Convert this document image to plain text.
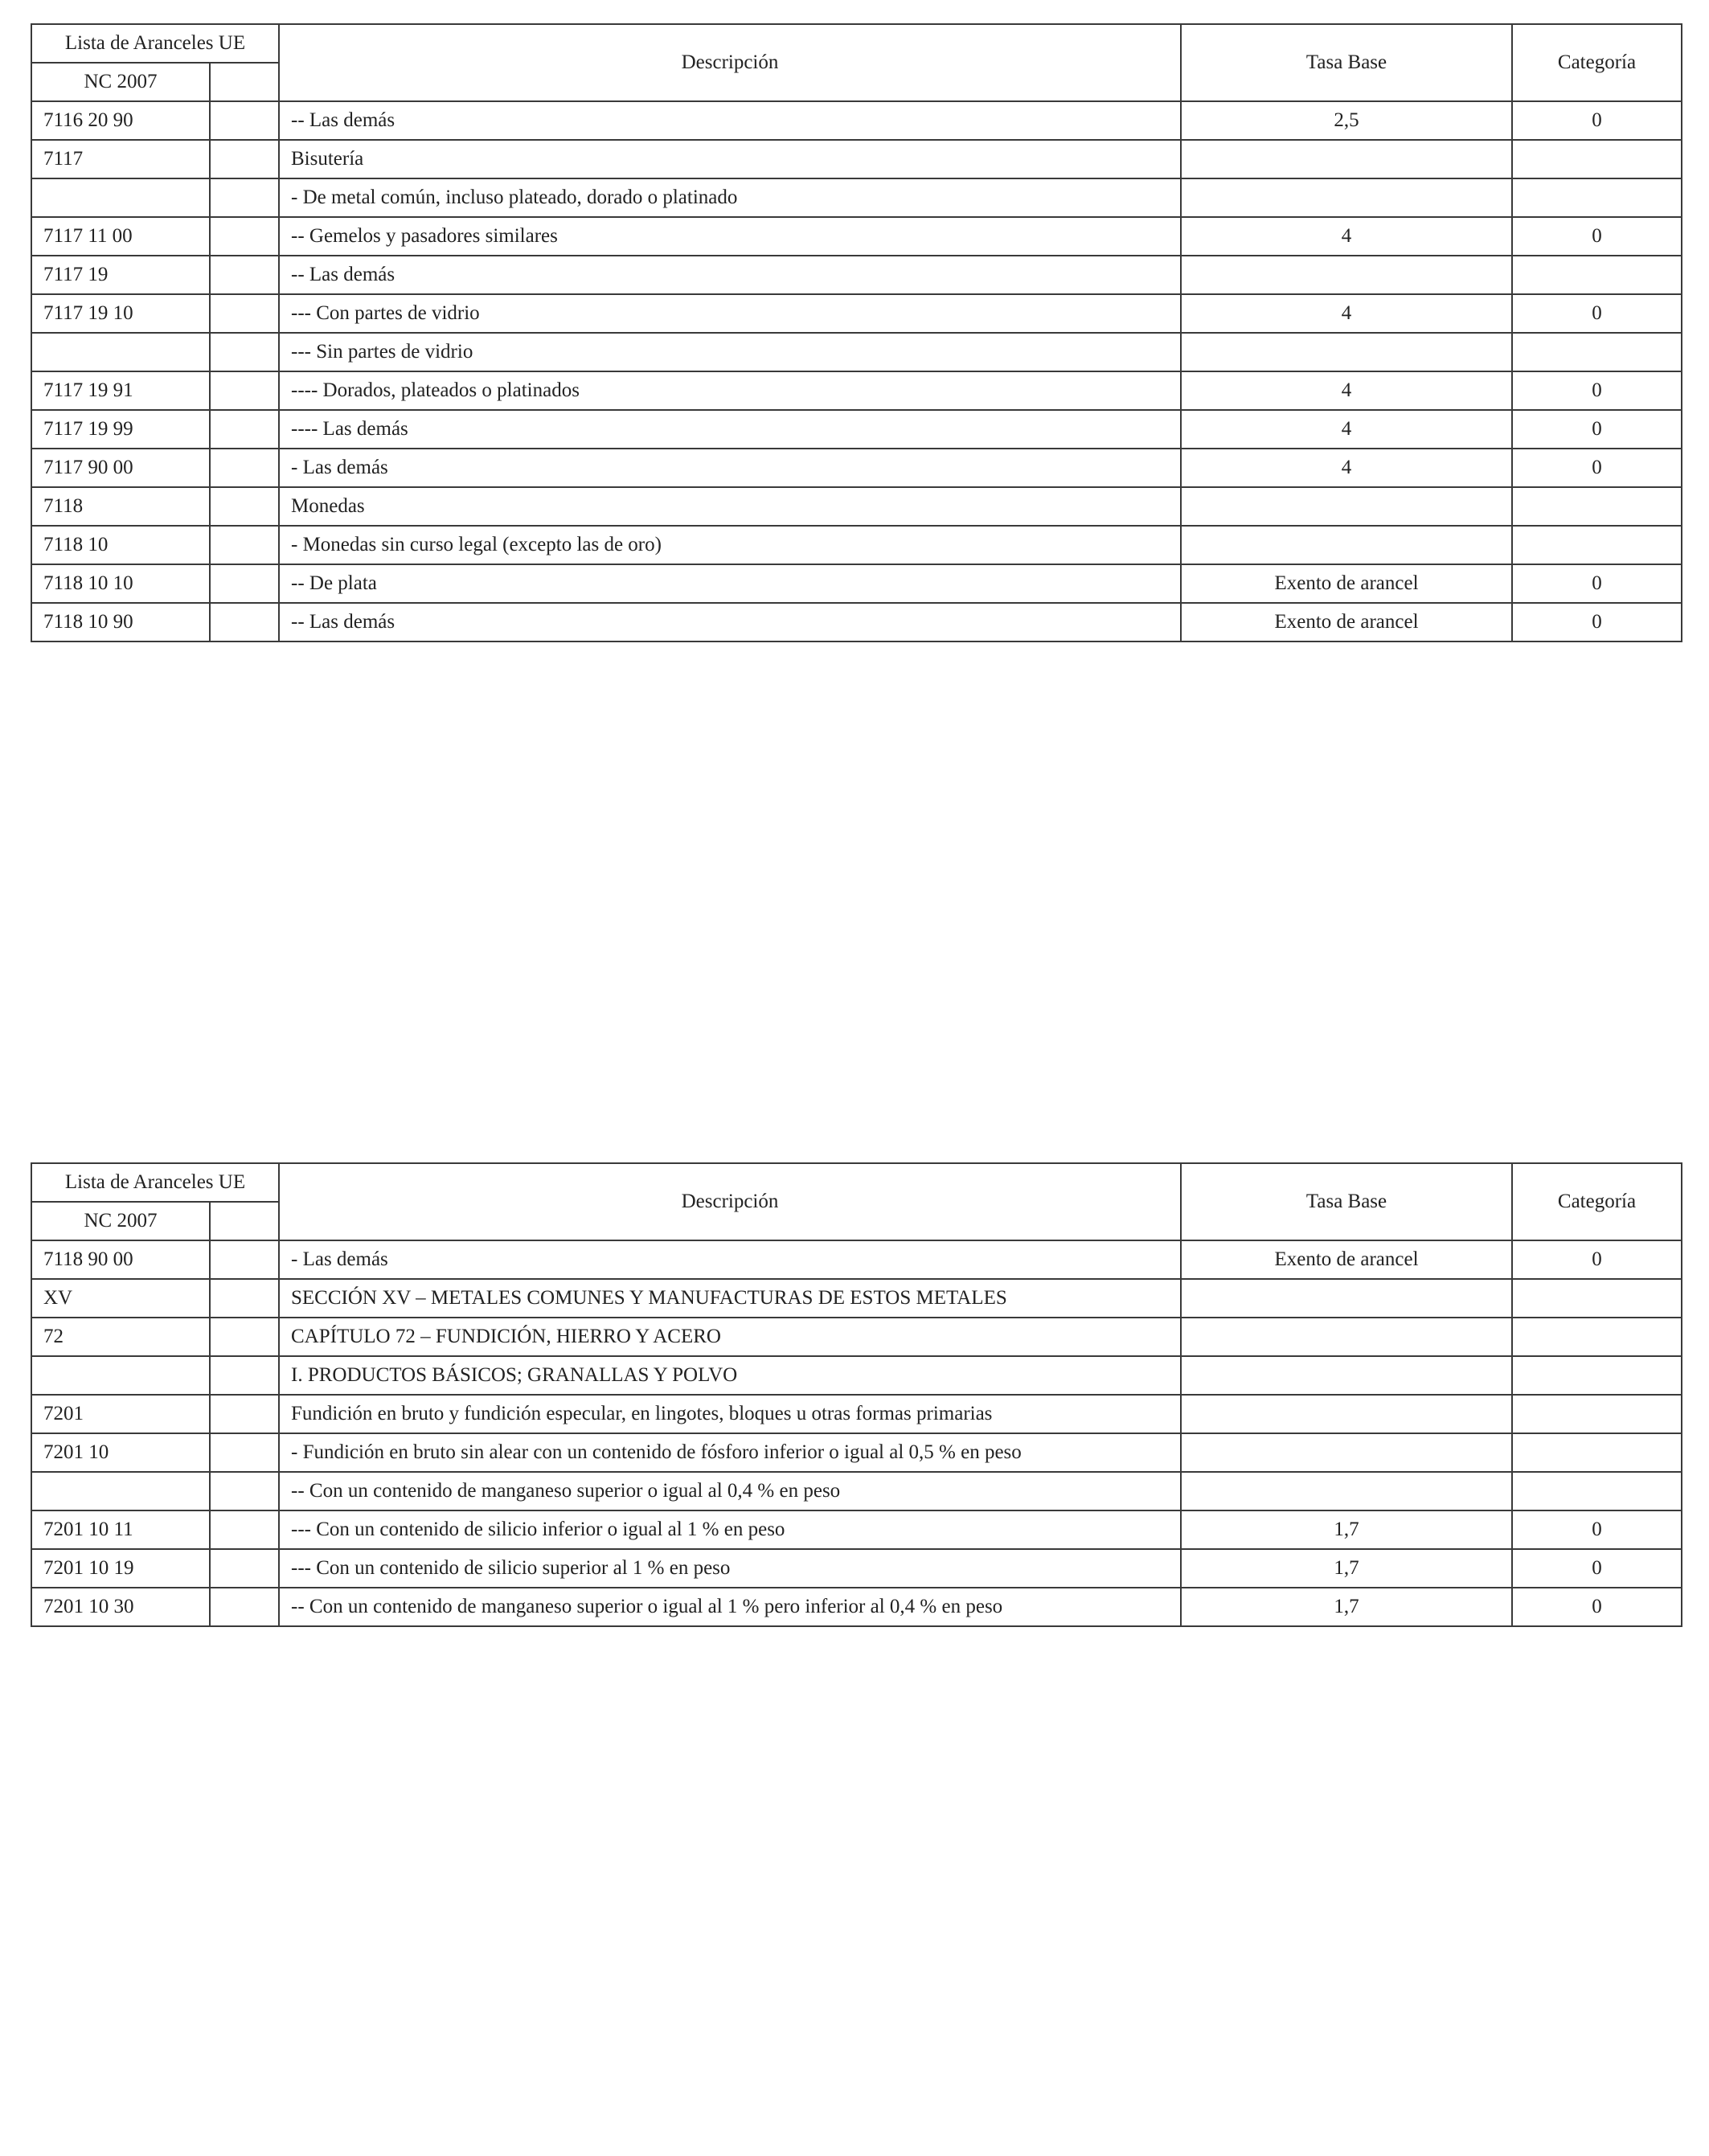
Lista de Aranceles UE		Descripción	Tasa Base	Categoría
NC 2007				
7116 20 90		-- Las demás	2,5	0
7117		Bisutería		
		- De metal común, incluso plateado, dorado o platinado		
7117 11 00		-- Gemelos y pasadores similares	4	0
7117 19		-- Las demás		
7117 19 10		--- Con partes de vidrio	4	0
		--- Sin partes de vidrio		
7117 19 91		---- Dorados, plateados o platinados	4	0
7117 19 99		---- Las demás	4	0
7117 90 00		- Las demás	4	0
7118		Monedas		
7118 10		- Monedas sin curso legal (excepto las de oro)		
7118 10 10		-- De plata	Exento de arancel	0
7118 10 90		-- Las demás	Exento de arancel	0
Lista de Aranceles UE		Descripción	Tasa Base	Categoría
NC 2007				
7118 90 00		- Las demás	Exento de arancel	0
XV		SECCIÓN XV – METALES COMUNES Y MANUFACTURAS DE ESTOS METALES		
72		CAPÍTULO 72 – FUNDICIÓN, HIERRO Y ACERO		
		I. PRODUCTOS BÁSICOS; GRANALLAS Y POLVO		
7201		Fundición en bruto y fundición especular, en lingotes, bloques u otras formas primarias		
7201 10		- Fundición en bruto sin alear con un contenido de fósforo inferior o igual al 0,5 % en peso		
		-- Con un contenido de manganeso superior o igual al 0,4 % en peso		
7201 10 11		--- Con un contenido de silicio inferior o igual al 1 % en peso	1,7	0
7201 10 19		--- Con un contenido de silicio superior al 1 % en peso	1,7	0
7201 10 30		-- Con un contenido de manganeso superior o igual al 1 % pero inferior al 0,4 % en peso	1,7	0
